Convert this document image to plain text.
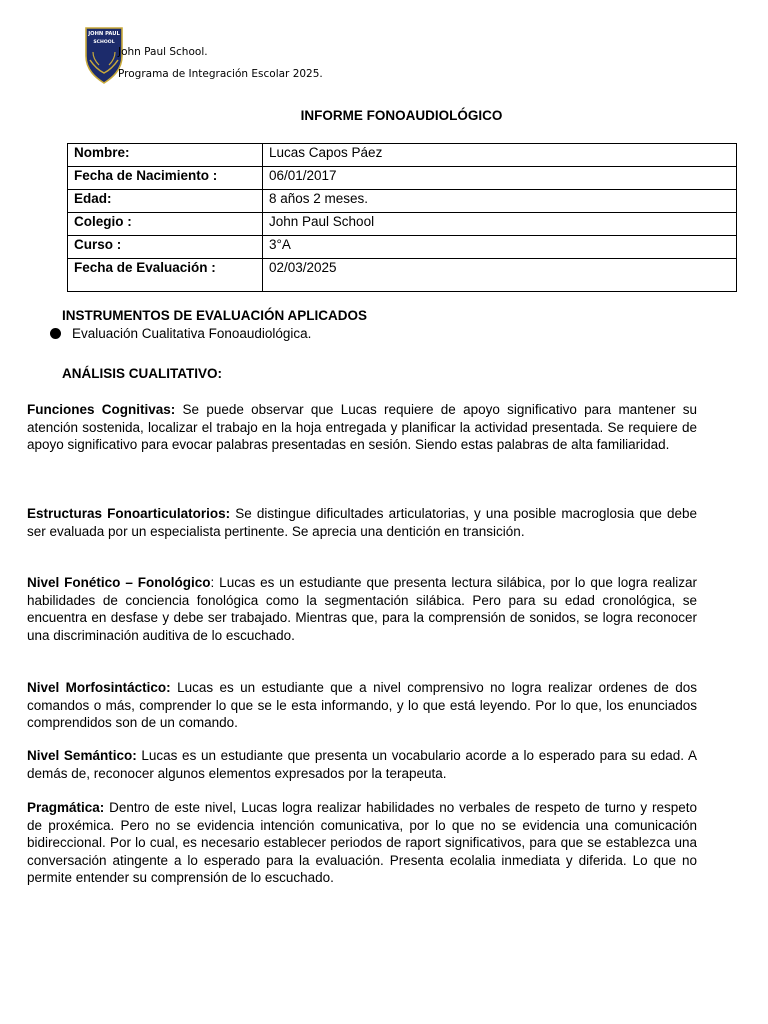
JOHN PAUL
SCHOOL
John Paul School.
Programa de Integración Escolar 2025.
INFORME FONOAUDIOLÓGICO
Nombre:	Lucas Capos Páez
Fecha de Nacimiento :	06/01/2017
Edad:	8 años 2 meses.
Colegio :	John Paul School
Curso :	3°A
Fecha de Evaluación :	02/03/2025
INSTRUMENTOS DE EVALUACIÓN APLICADOS
Evaluación Cualitativa Fonoaudiológica.
ANÁLISIS CUALITATIVO:

Funciones Cognitivas: Se puede observar que Lucas requiere de apoyo significativo para mantener su atención sostenida, localizar el trabajo en la hoja entregada y planificar la actividad presentada. Se requiere de apoyo significativo para evocar palabras presentadas en sesión. Siendo estas palabras de alta familiaridad.

Estructuras Fonoarticulatorios: Se distingue dificultades articulatorias, y una posible macroglosia que debe ser evaluada por un especialista pertinente. Se aprecia una dentición en transición.

Nivel Fonético – Fonológico: Lucas es un estudiante que presenta lectura silábica, por lo que logra realizar habilidades de conciencia fonológica como la segmentación silábica. Pero para su edad cronológica, se encuentra en desfase y debe ser trabajado. Mientras que, para la comprensión de sonidos, se logra reconocer una discriminación auditiva de lo escuchado.

Nivel Morfosintáctico: Lucas es un estudiante que a nivel comprensivo no logra realizar ordenes de dos comandos o más, comprender lo que se le esta informando, y lo que está leyendo. Por lo que, los enunciados comprendidos son de un comando.

Nivel Semántico: Lucas es un estudiante que presenta un vocabulario acorde a lo esperado para su edad. A demás de, reconocer algunos elementos expresados por la terapeuta.

Pragmática: Dentro de este nivel, Lucas logra realizar habilidades no verbales de respeto de turno y respeto de proxémica. Pero no se evidencia intención comunicativa, por lo que no se evidencia una comunicación bidireccional. Por lo cual, es necesario establecer periodos de raport significativos, para que se establezca una conversación atingente a lo esperado para la evaluación. Presenta ecolalia inmediata y diferida. Lo que no permite entender su comprensión de lo escuchado.
